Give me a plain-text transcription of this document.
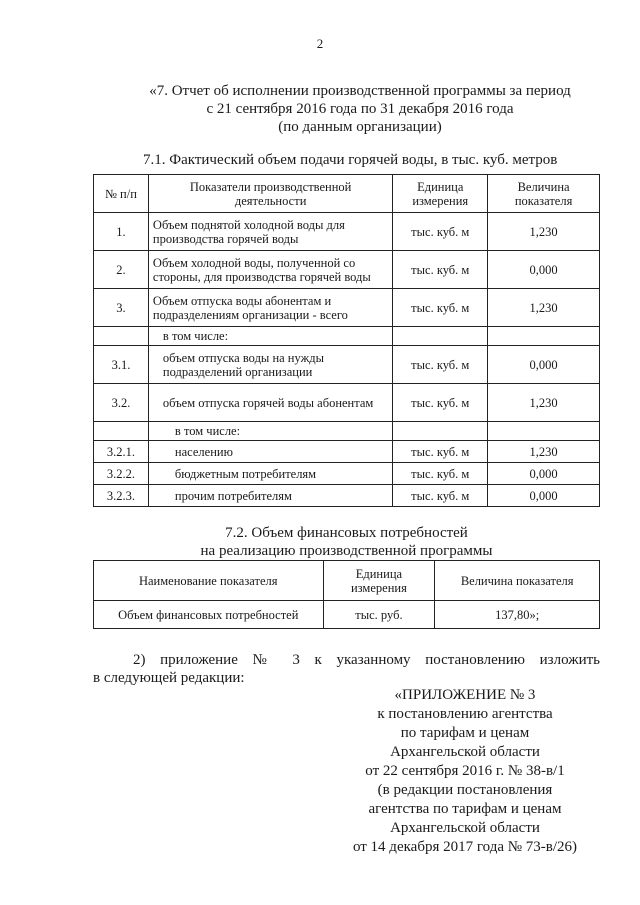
2
«7. Отчет об исполнении производственной программы за период
с 21 сентября 2016 года по 31 декабря 2016 года
(по данным организации)
7.1. Фактический объем подачи горячей воды, в тыс. куб. метров
№ п/п	Показатели производственной деятельности	Единица измерения	Величина показателя
1.	Объем поднятой холодной воды для производства горячей воды	тыс. куб. м	1,230
2.	Объем холодной воды, полученной со стороны, для производства горячей воды	тыс. куб. м	0,000
3.	Объем отпуска воды абонентам и подразделениям организации - всего	тыс. куб. м	1,230
	в том числе:		
3.1.	объем отпуска воды на нужды подразделений организации	тыс. куб. м	0,000
3.2.	объем отпуска горячей воды абонентам	тыс. куб. м	1,230
	в том числе:		
3.2.1.	населению	тыс. куб. м	1,230
3.2.2.	бюджетным потребителям	тыс. куб. м	0,000
3.2.3.	прочим потребителям	тыс. куб. м	0,000
7.2. Объем финансовых потребностей
на реализацию производственной программы
Наименование показателя	Единица измерения	Величина показателя
Объем финансовых потребностей	тыс. руб.	137,80»;
2) приложение № 3 к указанному постановлению изложить
в следующей редакции:
«ПРИЛОЖЕНИЕ № 3
к постановлению агентства
по тарифам и ценам
Архангельской области
от 22 сентября 2016 г. № 38-в/1
(в редакции постановления
агентства по тарифам и ценам
Архангельской области
от 14 декабря 2017 года № 73-в/26)
